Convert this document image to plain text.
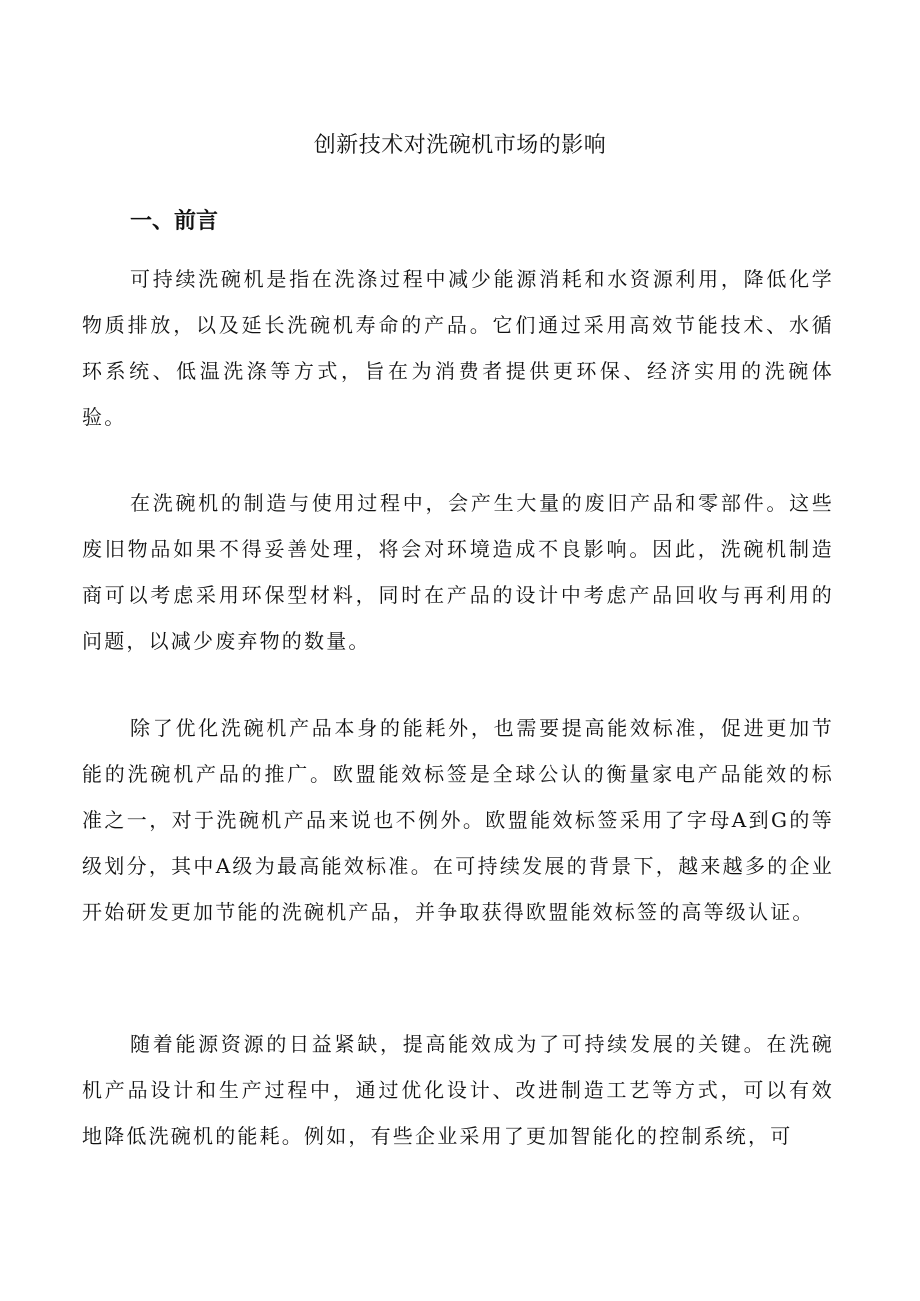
创新技术对洗碗机市场的影响
一、前言

可持续洗碗机是指在洗涤过程中减少能源消耗和水资源利用，降低化学物质排放，以及延长洗碗机寿命的产品。它们通过采用高效节能技术、水循环系统、低温洗涤等方式，旨在为消费者提供更环保、经济实用的洗碗体验。

在洗碗机的制造与使用过程中，会产生大量的废旧产品和零部件。这些废旧物品如果不得妥善处理，将会对环境造成不良影响。因此，洗碗机制造商可以考虑采用环保型材料，同时在产品的设计中考虑产品回收与再利用的问题，以减少废弃物的数量。

除了优化洗碗机产品本身的能耗外，也需要提高能效标准，促进更加节能的洗碗机产品的推广。欧盟能效标签是全球公认的衡量家电产品能效的标准之一，对于洗碗机产品来说也不例外。欧盟能效标签采用了字母A到G的等级划分，其中A级为最高能效标准。在可持续发展的背景下，越来越多的企业开始研发更加节能的洗碗机产品，并争取获得欧盟能效标签的高等级认证。

随着能源资源的日益紧缺，提高能效成为了可持续发展的关键。在洗碗机产品设计和生产过程中，通过优化设计、改进制造工艺等方式，可以有效地降低洗碗机的能耗。例如，有些企业采用了更加智能化的控制系统，可
